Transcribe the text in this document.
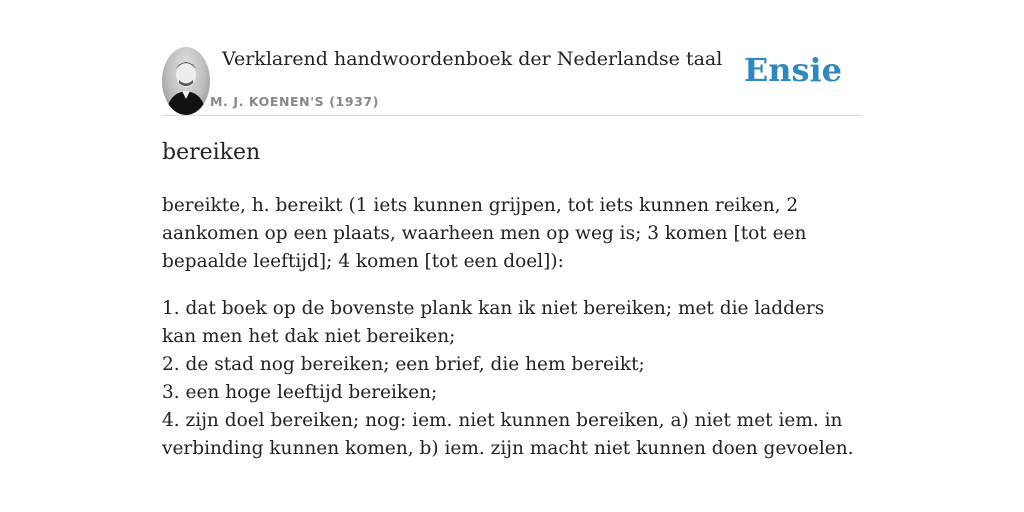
Verklarend handwoordenboek der Nederlandse taal
M. J. KOENEN'S (1937)
Ensie
bereiken

bereikte, h. bereikt (1 iets kunnen grijpen, tot iets kunnen reiken, 2 aankomen op een plaats, waarheen men op weg is; 3 komen [tot een bepaalde leeftijd]; 4 komen [tot een doel]):

1. dat boek op de bovenste plank kan ik niet bereiken; met die ladders kan men het dak niet bereiken;
2. de stad nog bereiken; een brief, die hem bereikt;
3. een hoge leeftijd bereiken;
4. zijn doel bereiken; nog: iem. niet kunnen bereiken, a) niet met iem. in verbinding kunnen komen, b) iem. zijn macht niet kunnen doen gevoelen.
